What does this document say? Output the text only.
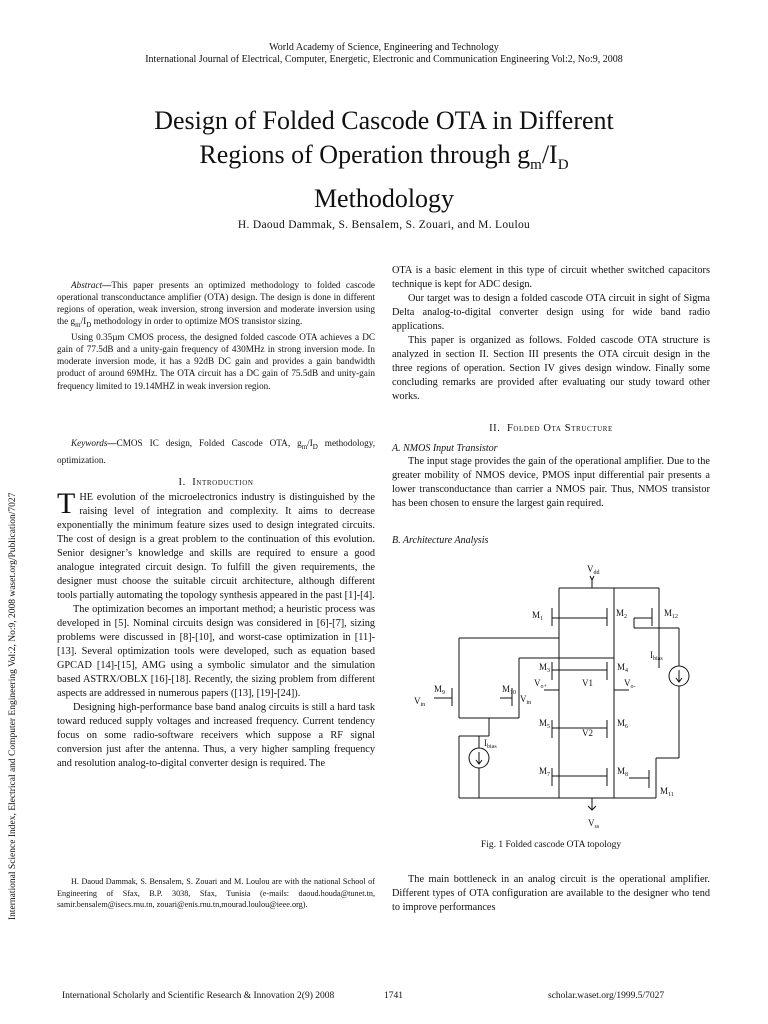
World Academy of Science, Engineering and Technology
International Journal of Electrical, Computer, Energetic, Electronic and Communication Engineering Vol:2, No:9, 2008
Design of Folded Cascode OTA in Different
Regions of Operation through $g_m/I_D$
Methodology
H. Daoud Dammak, S. Bensalem, S. Zouari, and M. Loulou
International Science Index, Electrical and Computer Engineering Vol:2, No:9, 2008 waset.org/Publication/7027

Abstract—This paper presents an optimized methodology to folded cascode operational transconductance amplifier (OTA) design. The design is done in different regions of operation, weak inversion, strong inversion and moderate inversion using the $g_m/I_D$ methodology in order to optimize MOS transistor sizing.

Using 0.35µm CMOS process, the designed folded cascode OTA achieves a DC gain of 77.5dB and a unity-gain frequency of 430MHz in strong inversion mode. In moderate inversion mode, it has a 92dB DC gain and provides a gain bandwidth product of around 69MHz. The OTA circuit has a DC gain of 75.5dB and unity-gain frequency limited to 19.14MHZ in weak inversion region.

Keywords—CMOS IC design, Folded Cascode OTA, $g_m/I_D$ methodology, optimization.

I. Introduction

THE evolution of the microelectronics industry is distinguished by the raising level of integration and complexity. It aims to decrease exponentially the minimum feature sizes used to design integrated circuits. The cost of design is a great problem to the continuation of this evolution. Senior designer’s knowledge and skills are required to ensure a good analogue integrated circuit design. To fulfill the given requirements, the designer must choose the suitable circuit architecture, although different tools partially automating the topology synthesis appeared in the past [1]-[4].

The optimization becomes an important method; a heuristic process was developed in [5]. Nominal circuits design was considered in [6]-[7], sizing problems were discussed in [8]-[10], and worst-case optimization in [11]-[13]. Several optimization tools were developed, such as equation based GPCAD [14]-[15], AMG using a symbolic simulator and the simulation based ASTRX/OBLX [16]-[18]. Recently, the sizing problem from different aspects are addressed in numerous papers ([13], [19]-[24]).

Designing high-performance base band analog circuits is still a hard task toward reduced supply voltages and increased frequency. Current tendency focus on some radio-software receivers which suppose a RF signal conversion just after the antenna. Thus, a very higher sampling frequency and resolution analog-to-digital converter design is required. The

H. Daoud Dammak, S. Bensalem, S. Zouari and M. Loulou are with the national School of Engineering of Sfax, B.P. 3038, Sfax, Tunisia (e-mails: daoud.houda@tunet.tn, samir.bensalem@isecs.rnu.tn, zouari@enis.rnu.tn,mourad.loulou@ieee.org).

OTA is a basic element in this type of circuit whether switched capacitors technique is kept for ADC design.

Our target was to design a folded cascode OTA circuit in sight of Sigma Delta analog-to-digital converter design using for wide band radio applications.

This paper is organized as follows. Folded cascode OTA structure is analyzed in section II. Section III presents the OTA circuit design in the three regions of operation. Section IV gives design window. Finally some concluding remarks are provided after evaluating our study toward other works.

II. Folded Ota Structure
A. NMOS Input Transistor

The input stage provides the gain of the operational amplifier. Due to the greater mobility of NMOS device, PMOS input differential pair presents a lower transconductance than carrier a NMOS pair. Thus, NMOS transistor has been chosen to ensure the largest gain required.

B. Architecture Analysis
$V_{dd}$
$V_{ss}$
$M_1$
$M_2$	$M_{12}$
$M_3$	$M_4$
$M_5$	$M_6$
$M_7$	$M_8$
$M_9$	$M_{10}$
$M_{11}$
V1
V2
$I_{bias}$
$I_{bias}$
$V_{o+}$	$V_{o-}$
$V_{in}$
$V_{in}$
Fig. 1 Folded cascode OTA topology

The main bottleneck in an analog circuit is the operational amplifier. Different types of OTA configuration are available to the designer who tend to improve performances

International Scholarly and Scientific Research & Innovation 2(9) 2008	1741	scholar.waset.org/1999.5/7027
